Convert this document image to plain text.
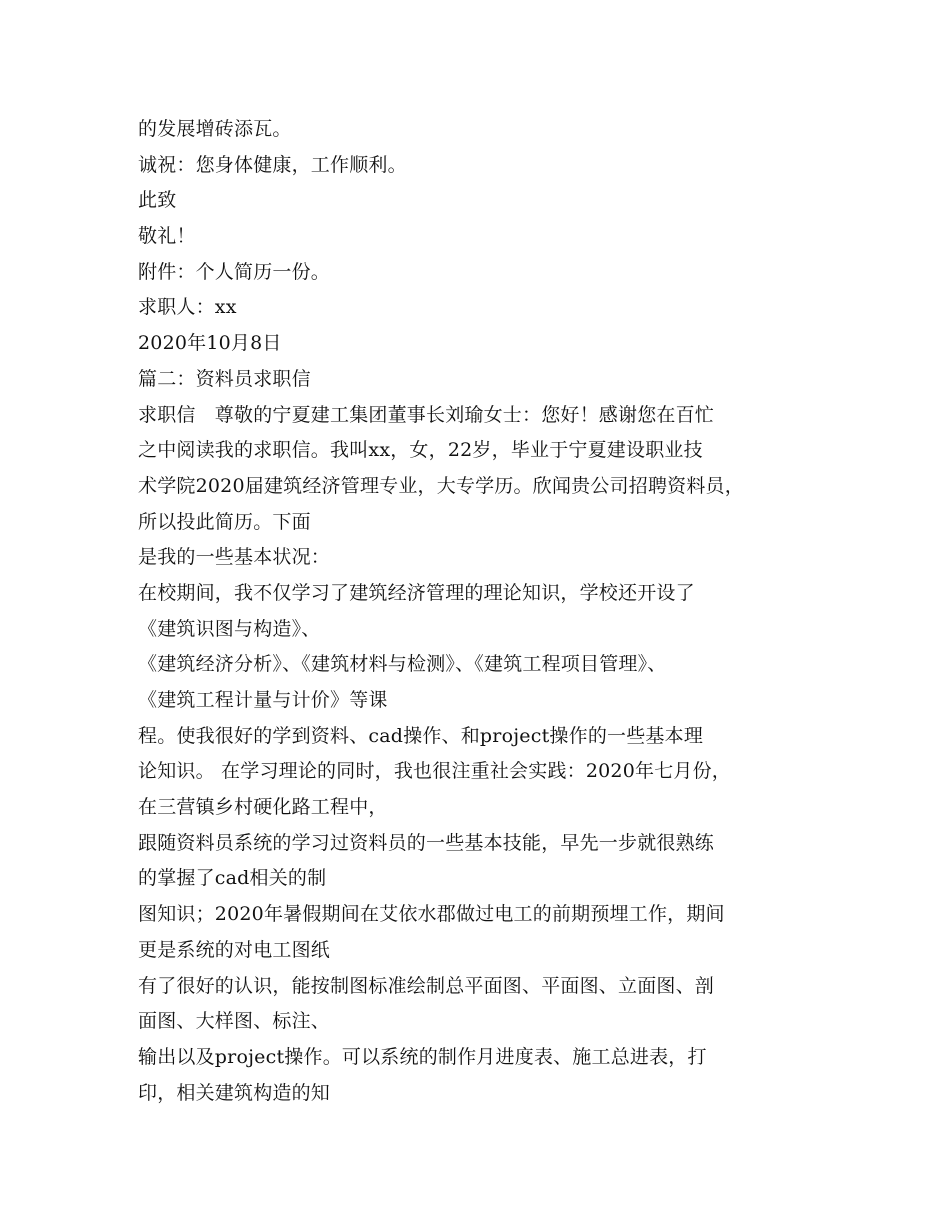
的发展增砖添瓦。
诚祝：您身体健康，工作顺利。
此致
敬礼！
附件：个人简历一份。
求职人：xx
2020年10月8日
篇二：资料员求职信
求职信　尊敬的宁夏建工集团董事长刘瑜女士：您好！感谢您在百忙
之中阅读我的求职信。我叫xx，女，22岁，毕业于宁夏建设职业技
术学院2020届建筑经济管理专业，大专学历。欣闻贵公司招聘资料员，
所以投此简历。下面
是我的一些基本状况：
在校期间，我不仅学习了建筑经济管理的理论知识，学校还开设了
《建筑识图与构造》、
《建筑经济分析》、《建筑材料与检测》、《建筑工程项目管理》、
《建筑工程计量与计价》等课
程。使我很好的学到资料、cad操作、和project操作的一些基本理
论知识。 在学习理论的同时，我也很注重社会实践：2020年七月份，
在三营镇乡村硬化路工程中，
跟随资料员系统的学习过资料员的一些基本技能，早先一步就很熟练
的掌握了cad相关的制
图知识；2020年暑假期间在艾依水郡做过电工的前期预埋工作，期间
更是系统的对电工图纸
有了很好的认识，能按制图标准绘制总平面图、平面图、立面图、剖
面图、大样图、标注、
输出以及project操作。可以系统的制作月进度表、施工总进表，打
印，相关建筑构造的知
